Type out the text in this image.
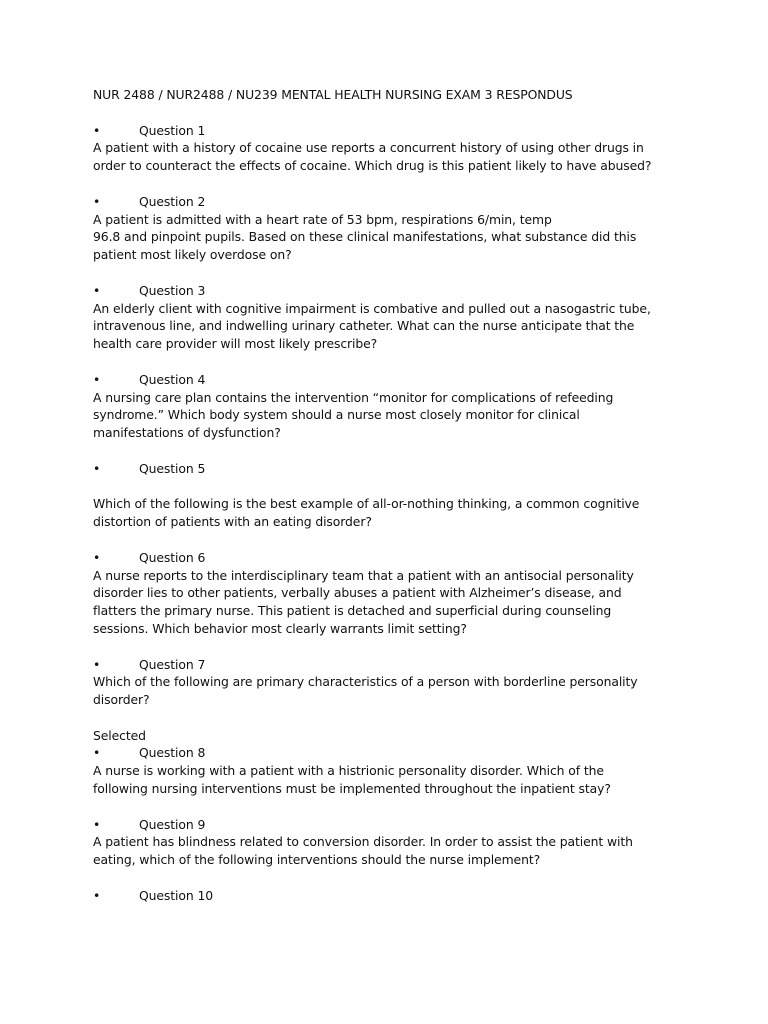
NUR 2488 / NUR2488 / NU239 MENTAL HEALTH NURSING EXAM 3 RESPONDUS
•	Question 1
A patient with a history of cocaine use reports a concurrent history of using other drugs in
order to counteract the effects of cocaine. Which drug is this patient likely to have abused?
•	Question 2
A patient is admitted with a heart rate of 53 bpm, respirations 6/min, temp
96.8 and pinpoint pupils. Based on these clinical manifestations, what substance did this
patient most likely overdose on?
•	Question 3
An elderly client with cognitive impairment is combative and pulled out a nasogastric tube,
intravenous line, and indwelling urinary catheter. What can the nurse anticipate that the
health care provider will most likely prescribe?
•	Question 4
A nursing care plan contains the intervention “monitor for complications of refeeding
syndrome.” Which body system should a nurse most closely monitor for clinical
manifestations of dysfunction?
•	Question 5
Which of the following is the best example of all-or-nothing thinking, a common cognitive
distortion of patients with an eating disorder?
•	Question 6
A nurse reports to the interdisciplinary team that a patient with an antisocial personality
disorder lies to other patients, verbally abuses a patient with Alzheimer’s disease, and
flatters the primary nurse. This patient is detached and superficial during counseling
sessions. Which behavior most clearly warrants limit setting?
•	Question 7
Which of the following are primary characteristics of a person with borderline personality
disorder?
Selected
•	Question 8
A nurse is working with a patient with a histrionic personality disorder. Which of the
following nursing interventions must be implemented throughout the inpatient stay?
•	Question 9
A patient has blindness related to conversion disorder. In order to assist the patient with
eating, which of the following interventions should the nurse implement?
•	Question 10
